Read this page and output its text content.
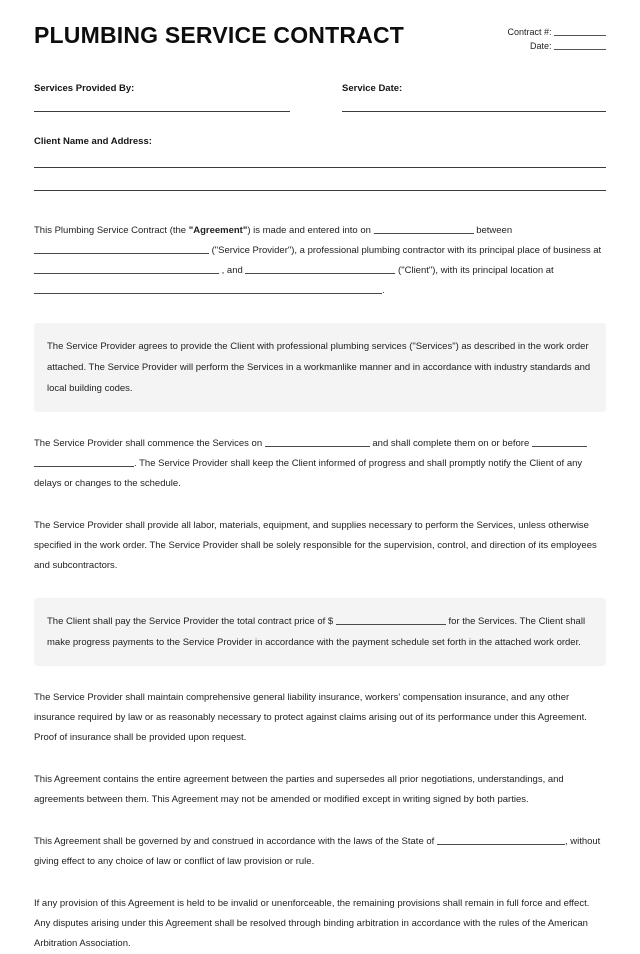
PLUMBING SERVICE CONTRACT	Contract #:
Date:
Services Provided By:	Service Date:
Client Name and Address:

This Plumbing Service Contract (the "Agreement") is made and entered into on	between  ("Service Provider"), a professional plumbing contractor with its principal place of business at  , and	("Client"), with its principal location at .

The Service Provider agrees to provide the Client with professional plumbing services ("Services") as described in the work order attached. The Service Provider will perform the Services in a workmanlike manner and in accordance with industry standards and local building codes.

The Service Provider shall commence the Services on	and shall complete them on or before  . The Service Provider shall keep the Client informed of progress and shall promptly notify the Client of any delays or changes to the schedule.

The Service Provider shall provide all labor, materials, equipment, and supplies necessary to perform the Services, unless otherwise specified in the work order. The Service Provider shall be solely responsible for the supervision, control, and direction of its employees and subcontractors.

The Client shall pay the Service Provider the total contract price of $	for the Services. The Client shall make progress payments to the Service Provider in accordance with the payment schedule set forth in the attached work order.

The Service Provider shall maintain comprehensive general liability insurance, workers' compensation insurance, and any other insurance required by law or as reasonably necessary to protect against claims arising out of its performance under this Agreement. Proof of insurance shall be provided upon request.

This Agreement contains the entire agreement between the parties and supersedes all prior negotiations, understandings, and agreements between them. This Agreement may not be amended or modified except in writing signed by both parties.

This Agreement shall be governed by and construed in accordance with the laws of the State of	, without giving effect to any choice of law or conflict of law provision or rule.

If any provision of this Agreement is held to be invalid or unenforceable, the remaining provisions shall remain in full force and effect. Any disputes arising under this Agreement shall be resolved through binding arbitration in accordance with the rules of the American Arbitration Association.
